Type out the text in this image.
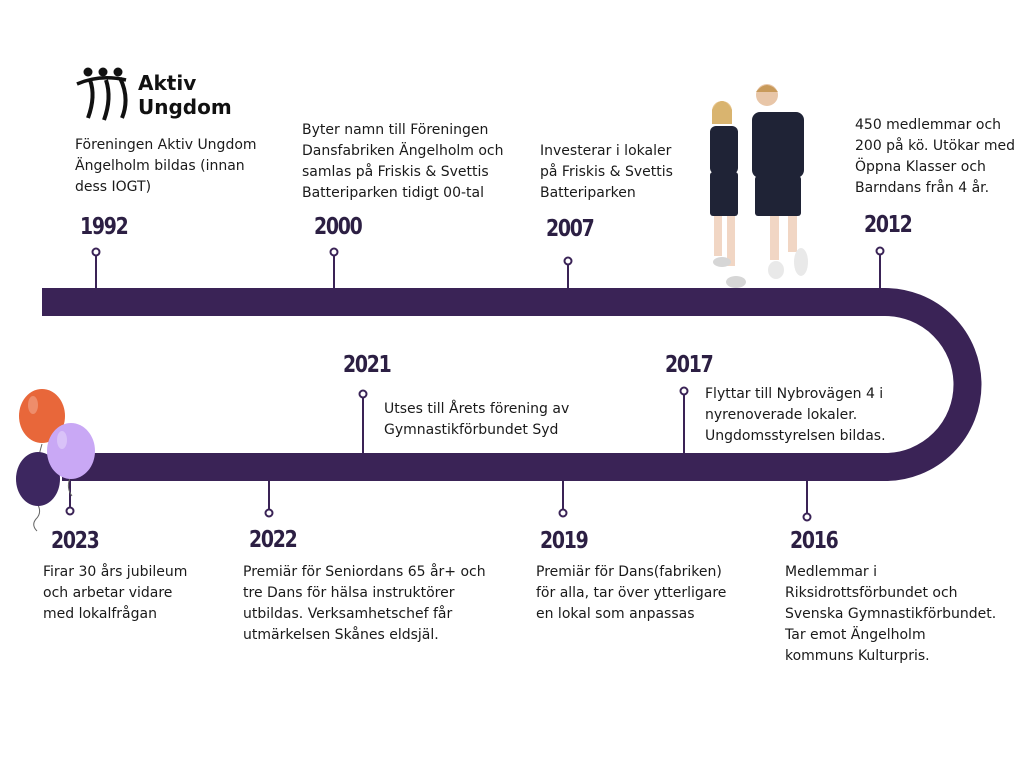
Aktiv
Ungdom
Föreningen Aktiv Ungdom
Ängelholm bildas (innan
dess IOGT)
1992
Byter namn till Föreningen
Dansfabriken Ängelholm och
samlas på Friskis & Svettis
Batteriparken tidigt 00-tal
2000
Investerar i lokaler
på Friskis & Svettis
Batteriparken
2007
450 medlemmar och
200 på kö. Utökar med
Öppna Klasser och
Barndans från 4 år.
2012
2017
Flyttar till Nybrovägen 4 i
nyrenoverade lokaler.
Ungdomsstyrelsen bildas.
2021
Utses till Årets förening av
Gymnastikförbundet Syd
2016
Medlemmar i
Riksidrottsförbundet och
Svenska Gymnastikförbundet.
Tar emot Ängelholm
kommuns Kulturpris.
2019
Premiär för Dans(fabriken)
för alla, tar över ytterligare
en lokal som anpassas
2022
Premiär för Seniordans 65 år+ och
tre Dans för hälsa instruktörer
utbildas. Verksamhetschef får
utmärkelsen Skånes eldsjäl.
2023
Firar 30 års jubileum
och arbetar vidare
med lokalfrågan
